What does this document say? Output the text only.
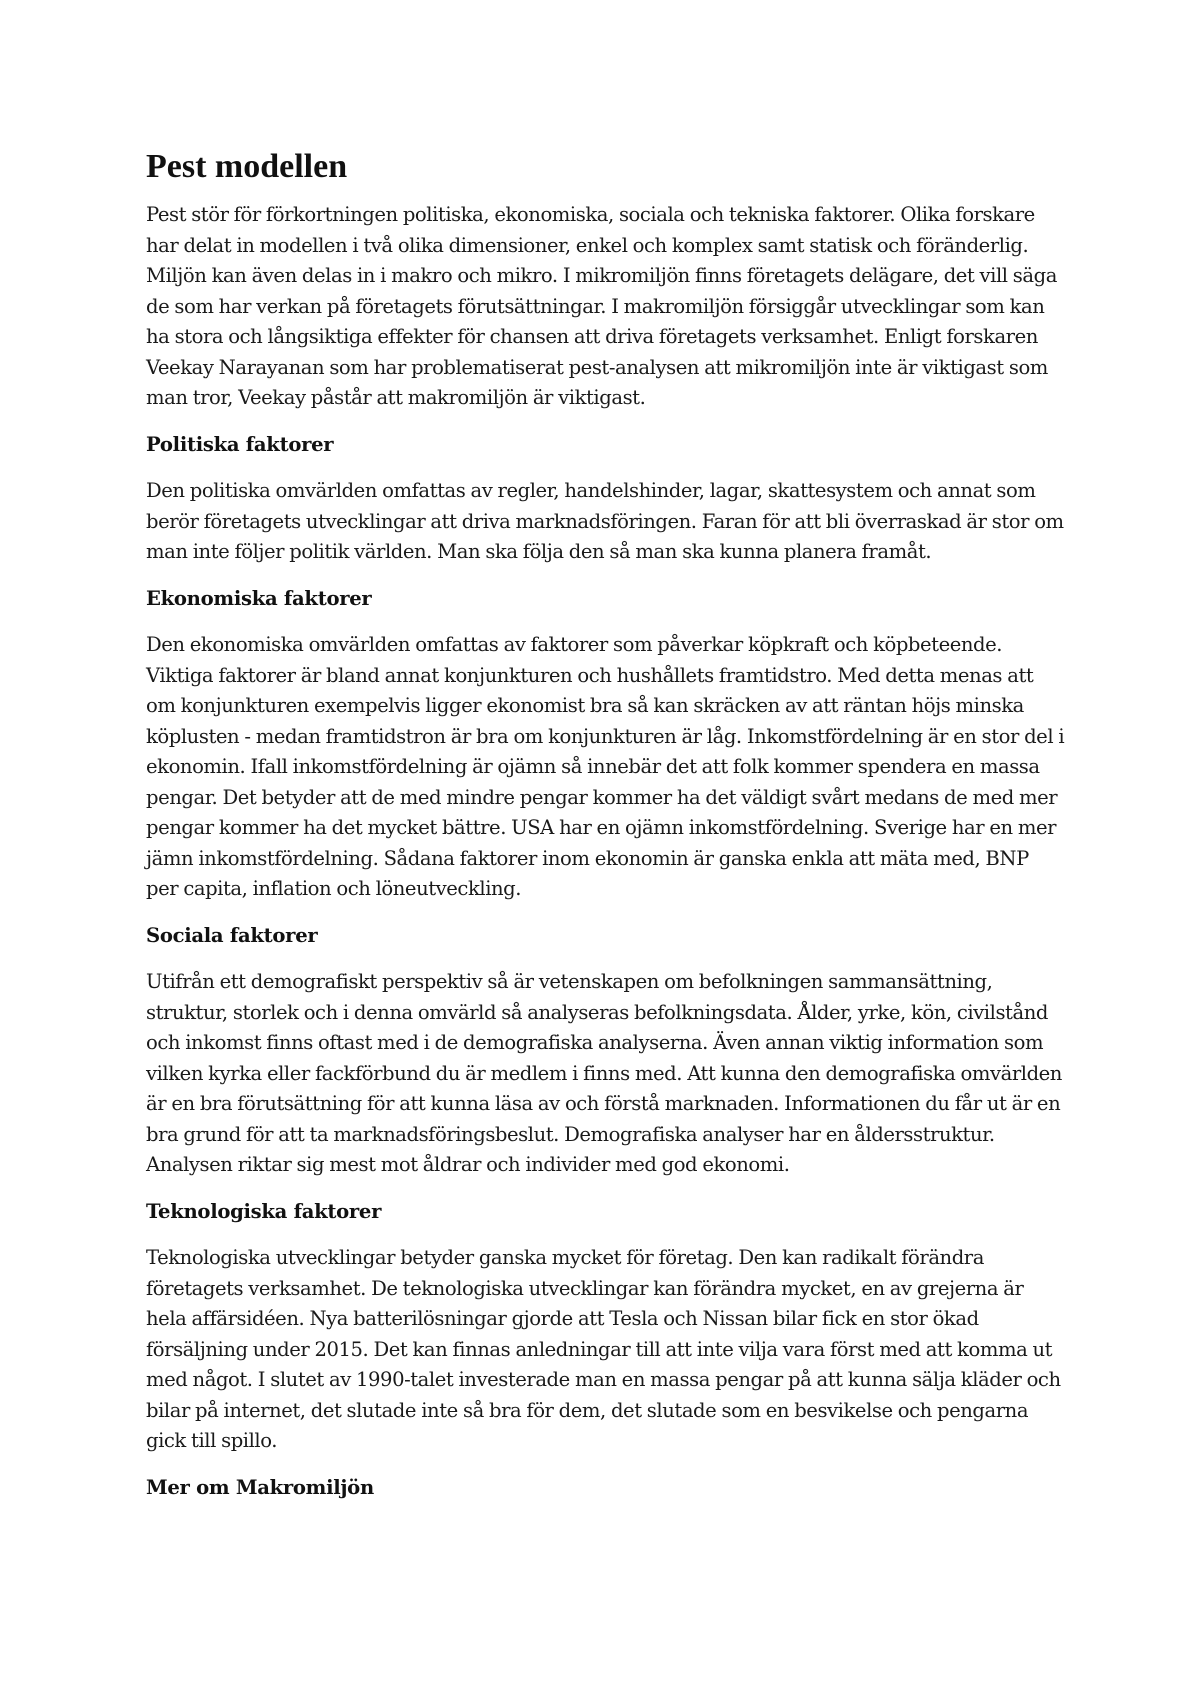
Pest modellen

Pest stör för förkortningen politiska, ekonomiska, sociala och tekniska faktorer. Olika forskare har delat in modellen i två olika dimensioner, enkel och komplex samt statisk och föränderlig. Miljön kan även delas in i makro och mikro. I mikromiljön finns företagets delägare, det vill säga de som har verkan på företagets förutsättningar. I makromiljön försiggår utvecklingar som kan ha stora och långsiktiga effekter för chansen att driva företagets verksamhet. Enligt forskaren Veekay Narayanan som har problematiserat pest-analysen att mikromiljön inte är viktigast som man tror, Veekay påstår att makromiljön är viktigast.

Politiska faktorer

Den politiska omvärlden omfattas av regler, handelshinder, lagar, skattesystem och annat som berör företagets utvecklingar att driva marknadsföringen. Faran för att bli överraskad är stor om man inte följer politik världen. Man ska följa den så man ska kunna planera framåt.

Ekonomiska faktorer

Den ekonomiska omvärlden omfattas av faktorer som påverkar köpkraft och köpbeteende. Viktiga faktorer är bland annat konjunkturen och hushållets framtidstro. Med detta menas att om konjunkturen exempelvis ligger ekonomist bra så kan skräcken av att räntan höjs minska köplusten - medan framtidstron är bra om konjunkturen är låg. Inkomstfördelning är en stor del i ekonomin. Ifall inkomstfördelning är ojämn så innebär det att folk kommer spendera en massa pengar. Det betyder att de med mindre pengar kommer ha det väldigt svårt medans de med mer pengar kommer ha det mycket bättre. USA har en ojämn inkomstfördelning. Sverige har en mer jämn inkomstfördelning. Sådana faktorer inom ekonomin är ganska enkla att mäta med, BNP per capita, inflation och löneutveckling.

Sociala faktorer

Utifrån ett demografiskt perspektiv så är vetenskapen om befolkningen sammansättning, struktur, storlek och i denna omvärld så analyseras befolkningsdata. Ålder, yrke, kön, civilstånd och inkomst finns oftast med i de demografiska analyserna. Även annan viktig information som vilken kyrka eller fackförbund du är medlem i finns med. Att kunna den demografiska omvärlden är en bra förutsättning för att kunna läsa av och förstå marknaden. Informationen du får ut är en bra grund för att ta marknadsföringsbeslut. Demografiska analyser har en åldersstruktur. Analysen riktar sig mest mot åldrar och individer med god ekonomi.

Teknologiska faktorer

Teknologiska utvecklingar betyder ganska mycket för företag. Den kan radikalt förändra företagets verksamhet. De teknologiska utvecklingar kan förändra mycket, en av grejerna är hela affärsidéen. Nya batterilösningar gjorde att Tesla och Nissan bilar fick en stor ökad försäljning under 2015. Det kan finnas anledningar till att inte vilja vara först med att komma ut med något. I slutet av 1990-talet investerade man en massa pengar på att kunna sälja kläder och bilar på internet, det slutade inte så bra för dem, det slutade som en besvikelse och pengarna gick till spillo.

Mer om Makromiljön
